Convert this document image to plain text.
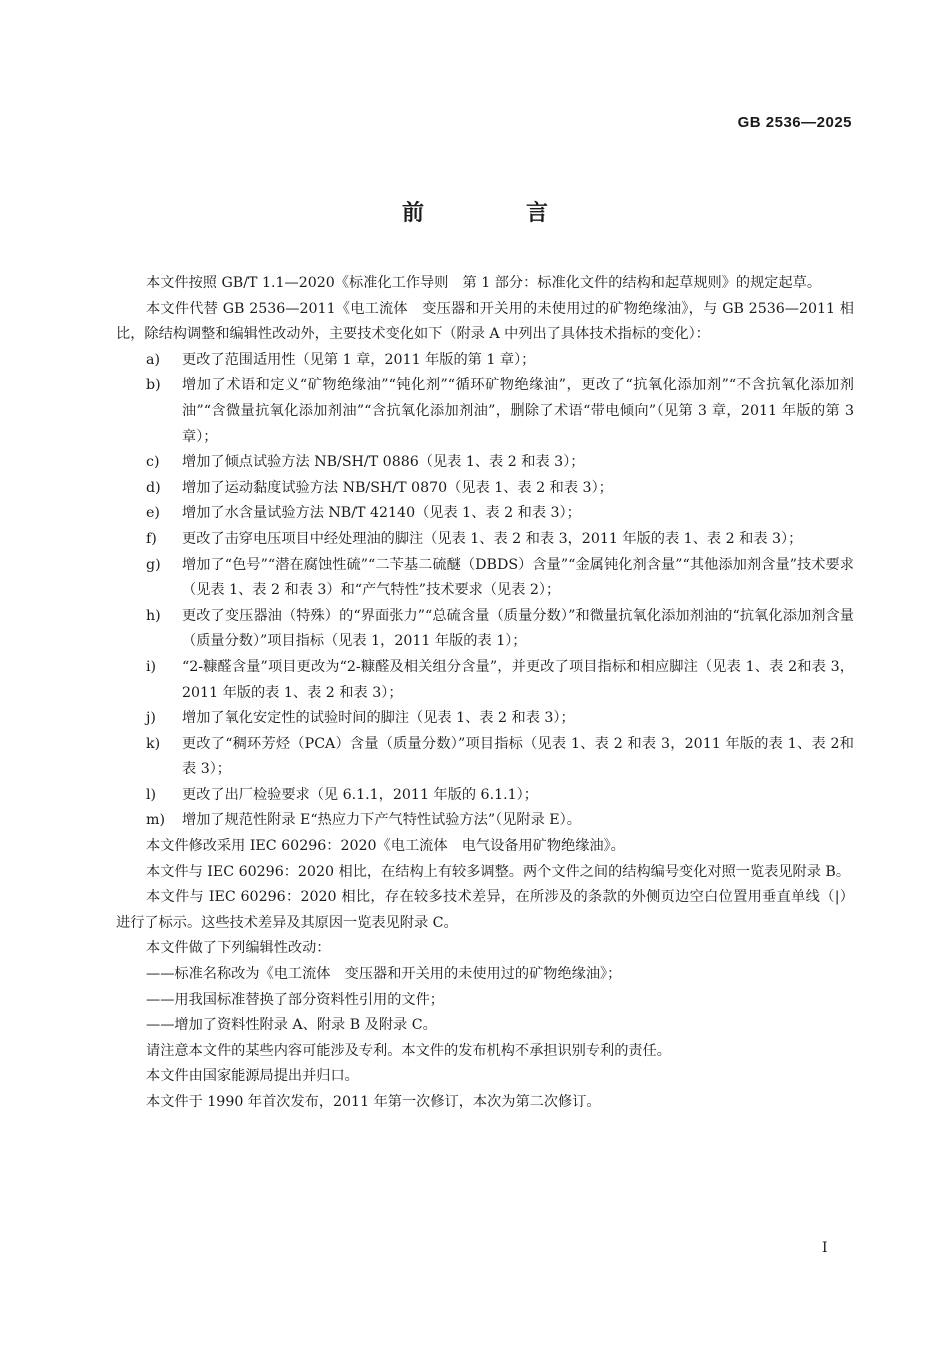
GB 2536—2025
前　言

本文件按照 GB/T 1.1—2020《标准化工作导则　第 1 部分：标准化文件的结构和起草规则》的规定起草。

本文件代替 GB 2536—2011《电工流体　变压器和开关用的未使用过的矿物绝缘油》，与 GB 2536—2011 相比，除结构调整和编辑性改动外，主要技术变化如下（附录 A 中列出了具体技术指标的变化）：

a)	更改了范围适用性（见第 1 章，2011 年版的第 1 章）；
b)	增加了术语和定义“矿物绝缘油”“钝化剂”“循环矿物绝缘油”，更改了“抗氧化添加剂”“不含抗氧化添加剂油”“含微量抗氧化添加剂油”“含抗氧化添加剂油”，删除了术语“带电倾向”（见第 3 章，2011 年版的第 3 章）；
c)	增加了倾点试验方法 NB/SH/T 0886（见表 1、表 2 和表 3）；
d)	增加了运动黏度试验方法 NB/SH/T 0870（见表 1、表 2 和表 3）；
e)	增加了水含量试验方法 NB/T 42140（见表 1、表 2 和表 3）；
f)	更改了击穿电压项目中经处理油的脚注（见表 1、表 2 和表 3，2011 年版的表 1、表 2 和表 3）；
g)	增加了“色号”“潜在腐蚀性硫”“二苄基二硫醚（DBDS）含量”“金属钝化剂含量”“其他添加剂含量”技术要求（见表 1、表 2 和表 3）和“产气特性”技术要求（见表 2）；
h)	更改了变压器油（特殊）的“界面张力”“总硫含量（质量分数）”和微量抗氧化添加剂油的“抗氧化添加剂含量（质量分数）”项目指标（见表 1，2011 年版的表 1）；
i)	“2-糠醛含量”项目更改为“2-糠醛及相关组分含量”，并更改了项目指标和相应脚注（见表 1、表 2和表 3，2011 年版的表 1、表 2 和表 3）；
j)	增加了氧化安定性的试验时间的脚注（见表 1、表 2 和表 3）；
k)	更改了“稠环芳烃（PCA）含量（质量分数）”项目指标（见表 1、表 2 和表 3，2011 年版的表 1、表 2和表 3）；
l)	更改了出厂检验要求（见 6.1.1，2011 年版的 6.1.1）；
m)	增加了规范性附录 E“热应力下产气特性试验方法”（见附录 E）。

本文件修改采用 IEC 60296：2020《电工流体　电气设备用矿物绝缘油》。

本文件与 IEC 60296：2020 相比，在结构上有较多调整。两个文件之间的结构编号变化对照一览表见附录 B。

本文件与 IEC 60296：2020 相比，存在较多技术差异，在所涉及的条款的外侧页边空白位置用垂直单线（|）进行了标示。这些技术差异及其原因一览表见附录 C。

本文件做了下列编辑性改动：

——标准名称改为《电工流体　变压器和开关用的未使用过的矿物绝缘油》；

——用我国标准替换了部分资料性引用的文件；

——增加了资料性附录 A、附录 B 及附录 C。

请注意本文件的某些内容可能涉及专利。本文件的发布机构不承担识别专利的责任。

本文件由国家能源局提出并归口。

本文件于 1990 年首次发布，2011 年第一次修订，本次为第二次修订。

I
